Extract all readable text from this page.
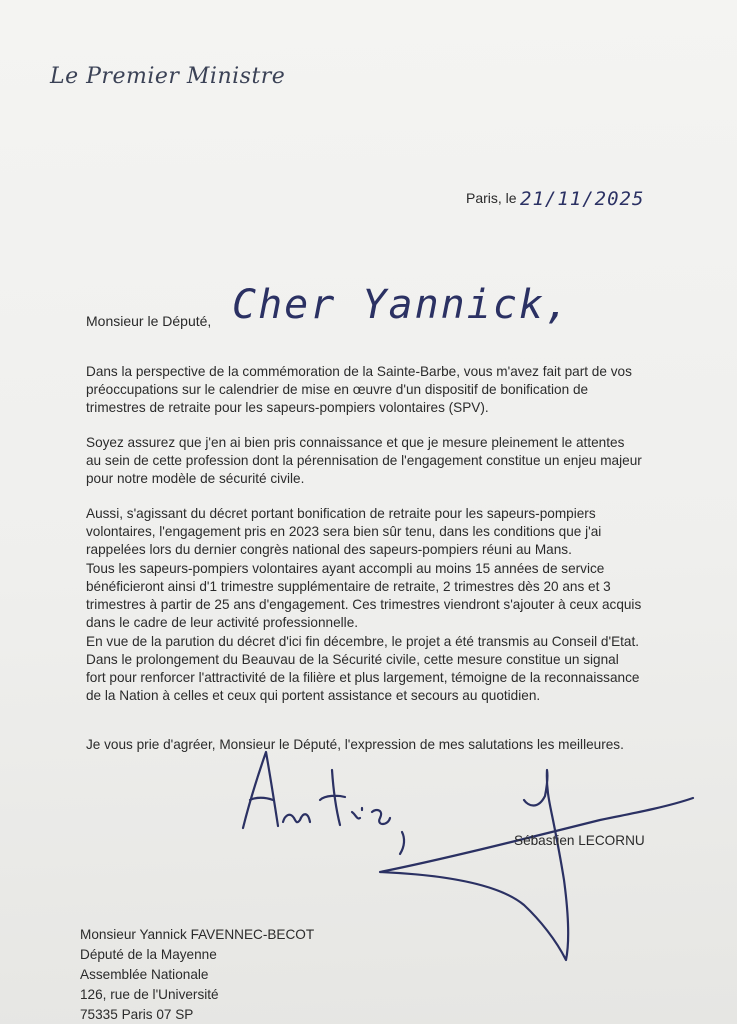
Le Premier Ministre
Paris, le 21/11/2025
Monsieur le Député, Cher Yannick,

Dans la perspective de la commémoration de la Sainte-Barbe, vous m'avez fait part de vos préoccupations sur le calendrier de mise en œuvre d'un dispositif de bonification de trimestres de retraite pour les sapeurs-pompiers volontaires (SPV).

Soyez assurez que j'en ai bien pris connaissance et que je mesure pleinement le attentes au sein de cette profession dont la pérennisation de l'engagement constitue un enjeu majeur pour notre modèle de sécurité civile.

Aussi, s'agissant du décret portant bonification de retraite pour les sapeurs-pompiers volontaires, l'engagement pris en 2023 sera bien sûr tenu, dans les conditions que j'ai rappelées lors du dernier congrès national des sapeurs-pompiers réuni au Mans.

Tous les sapeurs-pompiers volontaires ayant accompli au moins 15 années de service bénéficieront ainsi d'1 trimestre supplémentaire de retraite, 2 trimestres dès 20 ans et 3 trimestres à partir de 25 ans d'engagement. Ces trimestres viendront s'ajouter à ceux acquis dans le cadre de leur activité professionnelle.

En vue de la parution du décret d'ici fin décembre, le projet a été transmis au Conseil d'Etat. Dans le prolongement du Beauvau de la Sécurité civile, cette mesure constitue un signal fort pour renforcer l'attractivité de la filière et plus largement, témoigne de la reconnaissance de la Nation à celles et ceux qui portent assistance et secours au quotidien.

Je vous prie d'agréer, Monsieur le Député, l'expression de mes salutations les meilleures.
Sébastien LECORNU
Monsieur Yannick FAVENNEC-BECOT
Député de la Mayenne
Assemblée Nationale
126, rue de l'Université
75335 Paris 07 SP
